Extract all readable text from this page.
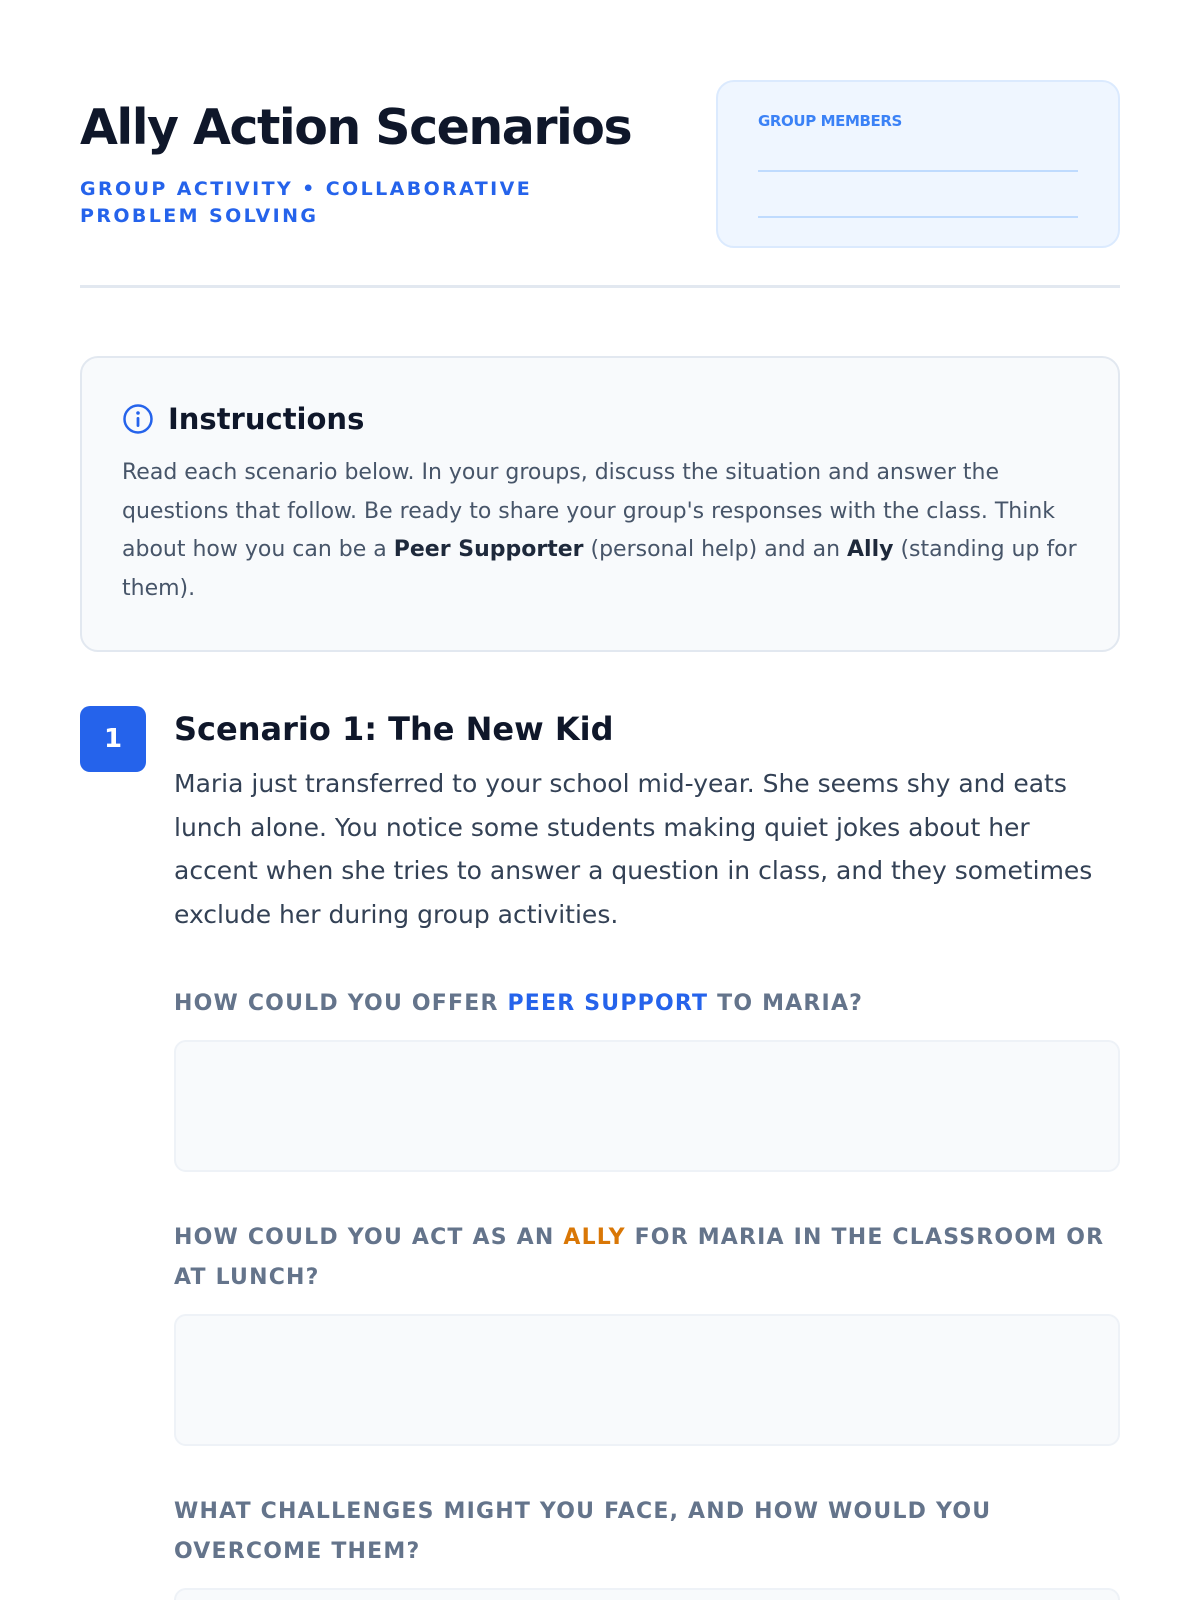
Ally Action Scenarios
GROUP ACTIVITY • COLLABORATIVE PROBLEM SOLVING
GROUP MEMBERS
Instructions

Read each scenario below. In your groups, discuss the situation and answer the questions that follow. Be ready to share your group's responses with the class. Think about how you can be a Peer Supporter (personal help) and an Ally (standing up for them).

1	Scenario 1: The New Kid

Maria just transferred to your school mid-year. She seems shy and eats lunch alone. You notice some students making quiet jokes about her accent when she tries to answer a question in class, and they sometimes exclude her during group activities.

HOW COULD YOU OFFER PEER SUPPORT TO MARIA?
HOW COULD YOU ACT AS AN ALLY FOR MARIA IN THE CLASSROOM OR AT LUNCH?
WHAT CHALLENGES MIGHT YOU FACE, AND HOW WOULD YOU OVERCOME THEM?
